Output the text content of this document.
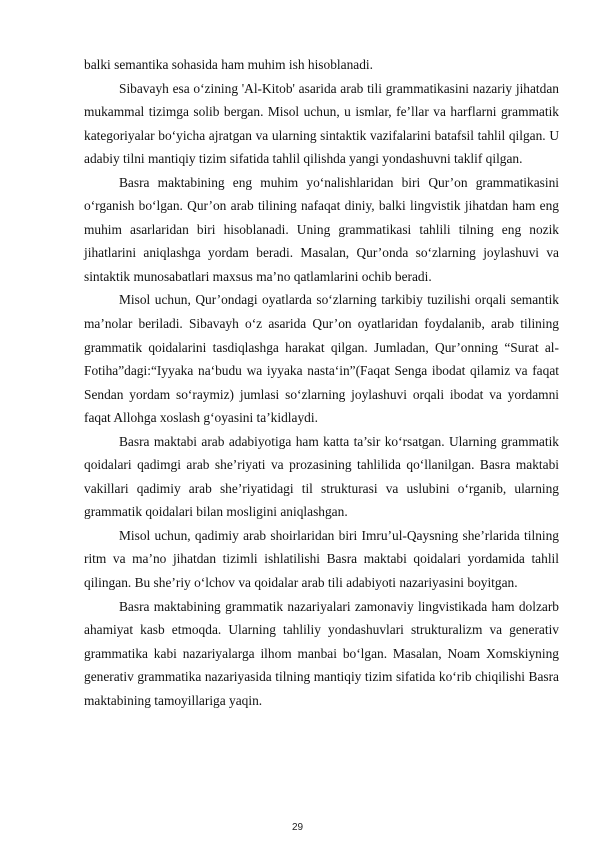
balki semantika sohasida ham muhim ish hisoblanadi.

Sibavayh esa o‘zining 'Al-Kitob' asarida arab tili grammatikasini nazariy jihatdan mukammal tizimga solib bergan. Misol uchun, u ismlar, fe’llar va harflarni grammatik kategoriyalar bo‘yicha ajratgan va ularning sintaktik vazifalarini batafsil tahlil qilgan. U adabiy tilni mantiqiy tizim sifatida tahlil qilishda yangi yondashuvni taklif qilgan.

Basra maktabining eng muhim yo‘nalishlaridan biri Qur’on grammatikasini o‘rganish bo‘lgan. Qur’on arab tilining nafaqat diniy, balki lingvistik jihatdan ham eng muhim asarlaridan biri hisoblanadi. Uning grammatikasi tahlili tilning eng nozik jihatlarini aniqlashga yordam beradi. Masalan, Qur’onda so‘zlarning joylashuvi va sintaktik munosabatlari maxsus ma’no qatlamlarini ochib beradi.

Misol uchun, Qur’ondagi oyatlarda so‘zlarning tarkibiy tuzilishi orqali semantik ma’nolar beriladi. Sibavayh o‘z asarida Qur’on oyatlaridan foydalanib, arab tilining grammatik qoidalarini tasdiqlashga harakat qilgan. Jumladan, Qur’onning “Surat al-Fotiha”dagi:“Iyyaka na‘budu wa iyyaka nasta‘in”(Faqat Senga ibodat qilamiz va faqat Sendan yordam so‘raymiz) jumlasi so‘zlarning joylashuvi orqali ibodat va yordamni faqat Allohga xoslash g‘oyasini ta’kidlaydi.

Basra maktabi arab adabiyotiga ham katta ta’sir ko‘rsatgan. Ularning grammatik qoidalari qadimgi arab she’riyati va prozasining tahlilida qo‘llanilgan. Basra maktabi vakillari qadimiy arab she’riyatidagi til strukturasi va uslubini o‘rganib, ularning grammatik qoidalari bilan mosligini aniqlashgan.

Misol uchun, qadimiy arab shoirlaridan biri Imru’ul-Qaysning she’rlarida tilning ritm va ma’no jihatdan tizimli ishlatilishi Basra maktabi qoidalari yordamida tahlil qilingan. Bu she’riy o‘lchov va qoidalar arab tili adabiyoti nazariyasini boyitgan.

Basra maktabining grammatik nazariyalari zamonaviy lingvistikada ham dolzarb ahamiyat kasb etmoqda. Ularning tahliliy yondashuvlari strukturalizm va generativ grammatika kabi nazariyalarga ilhom manbai bo‘lgan. Masalan, Noam Xomskiyning generativ grammatika nazariyasida tilning mantiqiy tizim sifatida ko‘rib chiqilishi Basra maktabining tamoyillariga yaqin.

29
